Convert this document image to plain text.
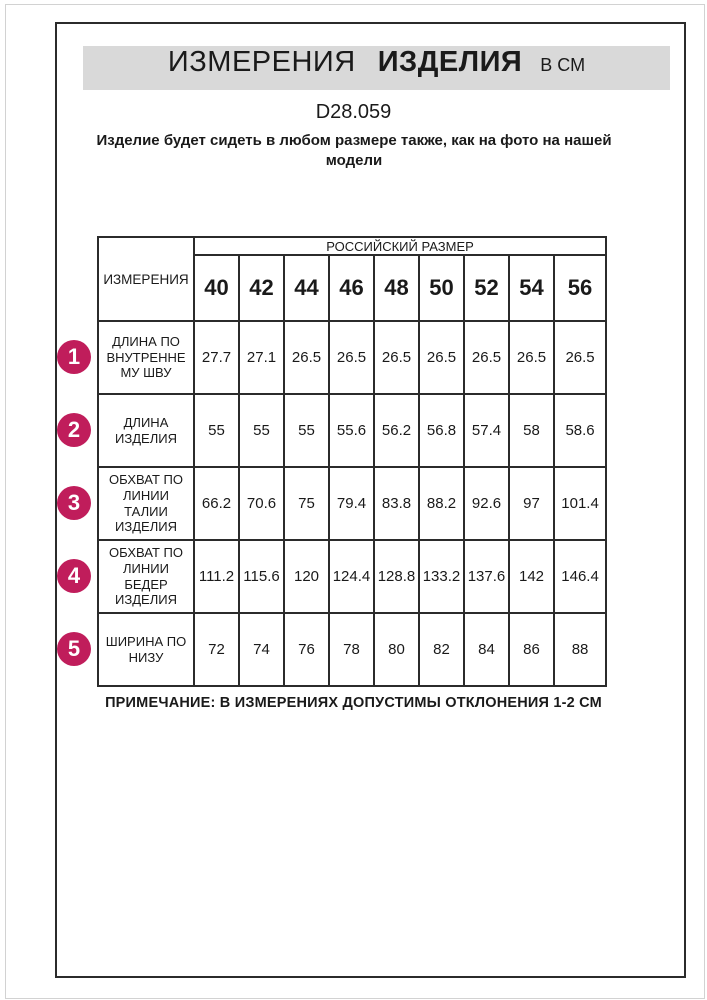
ИЗМЕРЕНИЯ ИЗДЕЛИЯ В СМ
D28.059
Изделие будет сидеть в любом размере также, как на фото на нашей модели
ИЗМЕРЕНИЯ	РОССИЙСКИЙ РАЗМЕР								
	40	42	44	46	48	50	52	54	56
ДЛИНА ПО ВНУТРЕННЕМУ ШВУ	27.7	27.1	26.5	26.5	26.5	26.5	26.5	26.5	26.5
ДЛИНА ИЗДЕЛИЯ	55	55	55	55.6	56.2	56.8	57.4	58	58.6
ОБХВАТ ПО ЛИНИИ ТАЛИИ ИЗДЕЛИЯ	66.2	70.6	75	79.4	83.8	88.2	92.6	97	101.4
ОБХВАТ ПО ЛИНИИ БЕДЕР ИЗДЕЛИЯ	111.2	115.6	120	124.4	128.8	133.2	137.6	142	146.4
ШИРИНА ПО НИЗУ	72	74	76	78	80	82	84	86	88
1
2
3
4
5
ПРИМЕЧАНИЕ: В ИЗМЕРЕНИЯХ ДОПУСТИМЫ ОТКЛОНЕНИЯ 1-2 СМ
